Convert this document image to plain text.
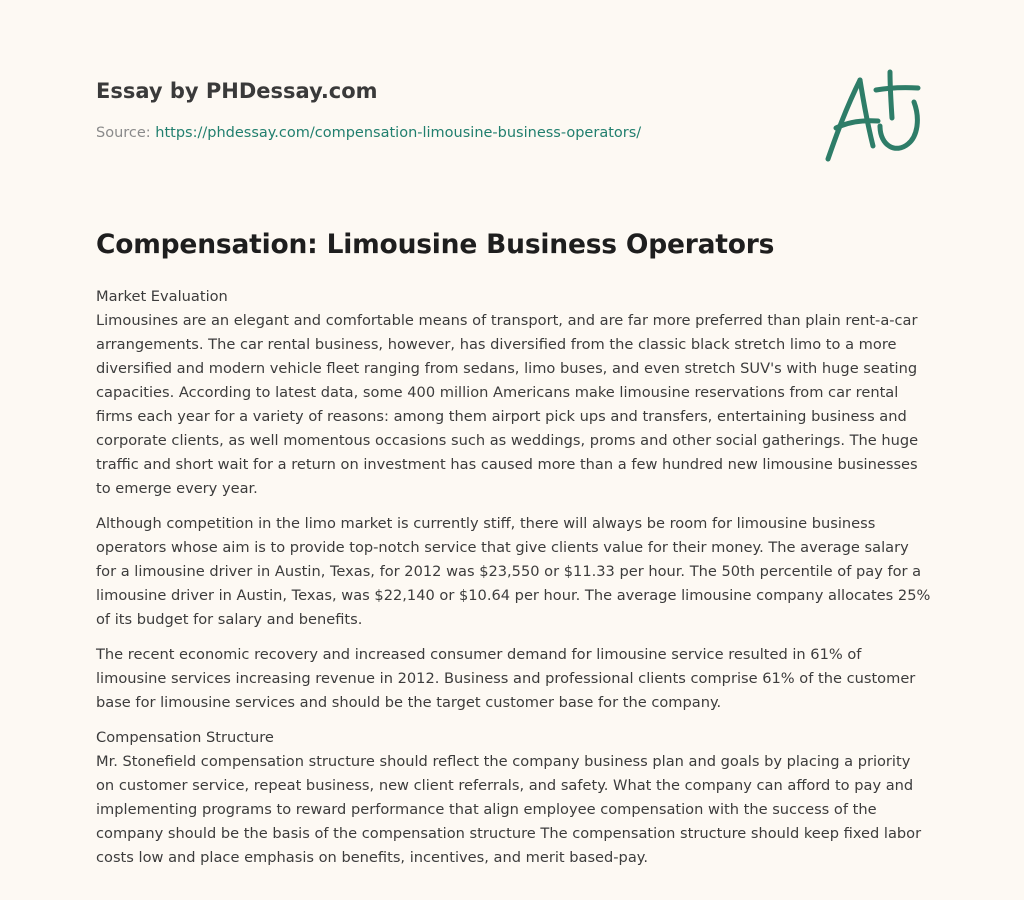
Essay by PHDessay.com
Source: https://phdessay.com/compensation-limousine-business-operators/
Compensation: Limousine Business Operators

Market Evaluation
Limousines are an elegant and comfortable means of transport, and are far more preferred than plain rent-a-car arrangements. The car rental business, however, has diversified from the classic black stretch limo to a more diversified and modern vehicle fleet ranging from sedans, limo buses, and even stretch SUV's with huge seating capacities. According to latest data, some 400 million Americans make limousine reservations from car rental firms each year for a variety of reasons: among them airport pick ups and transfers, entertaining business and corporate clients, as well momentous occasions such as weddings, proms and other social gatherings. The huge traffic and short wait for a return on investment has caused more than a few hundred new limousine businesses to emerge every year.

Although competition in the limo market is currently stiff, there will always be room for limousine business operators whose aim is to provide top-notch service that give clients value for their money. The average salary for a limousine driver in Austin, Texas, for 2012 was $23,550 or $11.33 per hour. The 50th percentile of pay for a limousine driver in Austin, Texas, was $22,140 or $10.64 per hour. The average limousine company allocates 25% of its budget for salary and benefits.

The recent economic recovery and increased consumer demand for limousine service resulted in 61% of limousine services increasing revenue in 2012. Business and professional clients comprise 61% of the customer base for limousine services and should be the target customer base for the company.

Compensation Structure
Mr. Stonefield compensation structure should reflect the company business plan and goals by placing a priority on customer service, repeat business, new client referrals, and safety. What the company can afford to pay and implementing programs to reward performance that align employee compensation with the success of the company should be the basis of the compensation structure The compensation structure should keep fixed labor costs low and place emphasis on benefits, incentives, and merit based-pay.
